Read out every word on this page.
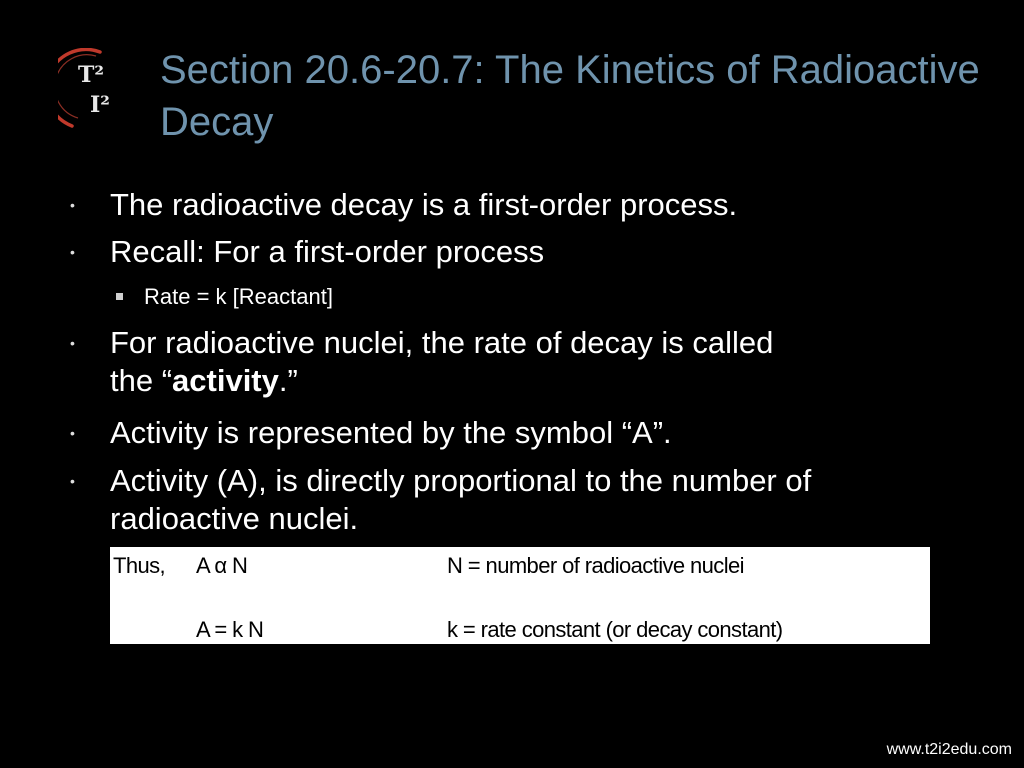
T²
I²
Section 20.6-20.7: The Kinetics of Radioactive Decay
• The radioactive decay is a first-order process.
• Recall: For a first-order process
Rate = k [Reactant]
• For radioactive nuclei, the rate of decay is called
the “activity.”
• Activity is represented by the symbol “A”.
• Activity (A), is directly proportional to the number of
radioactive nuclei.
Thus, A α N	N = number of radioactive nuclei
A = k N	k = rate constant (or decay constant)
www.t2i2edu.com
